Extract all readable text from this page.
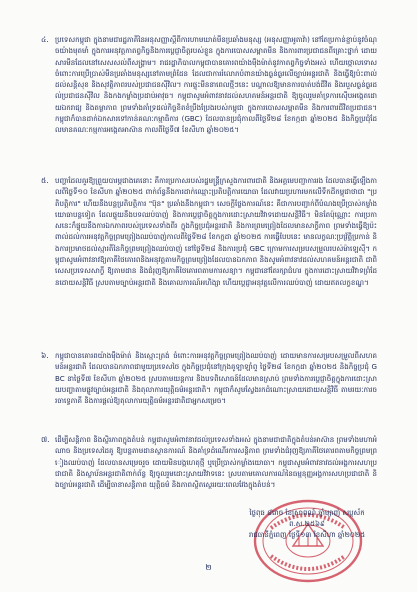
៤. ប្រទេសកម្ពុជា ក្នុងនាមជារដ្ឋភាគីនៃអនុសញ្ញាស្តីពីការហាមឃាត់មីនប្រឆាំងមនុស្ស (អនុសញ្ញាអូតាវ៉ា) នៅតែប្រកាន់ខ្ជាប់នូវចំណុចយ៉ាងមុតមាំ ក្នុងការអនុវត្តកាតព្វកិច្ចនិងការប្តេជ្ញាចិត្តរបស់ខ្លួន ក្នុងការបោសសម្អាតមីន និងការពារប្រជាជនពីគ្រោះថ្នាក់ ដោយសារមីនដែលនៅសេសសល់ពីសង្គ្រាម។ រាជរដ្ឋាភិបាលកម្ពុជាបានគោរពយ៉ាងម៉ឺងម៉ាត់នូវកាតព្វកិច្ចទាំងអស់ ហើយថ្កោលទោសចំពោះការប្រើប្រាស់មីនប្រឆាំងមនុស្សនៅតាមព្រំដែន ដែលជាការរំលោភបំពានយ៉ាងធ្ងន់ធ្ងរលើច្បាប់អន្តរជាតិ និងធ្វើឱ្យប៉ះពាល់ដល់សន្តិសុខ និងសុវត្ថិភាពរបស់ប្រជាជនស៊ីវិល។ ការផ្ទុះមីននាពេលថ្មីៗនេះ បណ្តាលឱ្យមានការបាត់បង់ជីវិត និងរបួសធ្ងន់ធ្ងរដល់ប្រជាជនស៊ីវិល និងកងកម្លាំងប្រដាប់អាវុធ។ កម្ពុជាសូមអំពាវនាវដល់សហគមន៍អន្តរជាតិ ឱ្យចូលរួមគាំទ្រការស៊ើបអង្កេតដោយឯករាជ្យ និងតម្លាភាព ព្រមទាំងគាំទ្រដល់កិច្ចខិតខំប្រឹងប្រែងរបស់កម្ពុជា ក្នុងការបោសសម្អាតមីន និងការពារជីវិតប្រជាជន។ កម្ពុជាក៏បានដាក់ឯកសារទៅកាន់គណៈកម្មាធិការ (GBC) ដែលបានប្រជុំកាលពីថ្ងៃទី២៨ ខែកក្កដា ឆ្នាំ២០២៥ និងកិច្ចប្រជុំដែលមានគណៈកម្មការអង្កេតអាស៊ាន កាលពីថ្ងៃទី៧ ខែសីហា ឆ្នាំ២០២៥។

៥. បញ្ហាដែលគួរឱ្យព្រួយបារម្ភជាងគេនោះ គឺការប្រកាសរបស់រដ្ឋមន្ត្រីក្រសួងការពារជាតិ និងអគ្គមេបញ្ជាការរង ដែលបានធ្វើឡើងកាលពីថ្ងៃទី១០ ខែសីហា ឆ្នាំ២០២៥ ពាក់ព័ន្ធនឹងការដាក់ឈ្មោះប្រតិបត្តិការយោធា ដែលវាយប្រហារមកលើទឹកដីកម្ពុជាថាជា "ប្រតិបត្តិការ" ហើយនឹងបន្តប្រតិបត្តិការ "ប៊ុន" ប្រឆាំងនឹងកម្ពុជា។ សេចក្តីថ្លែងការណ៍នេះ គឺជាការបញ្ជាក់ពីបំណងប្រើប្រាស់កម្លាំងយោធាបន្តទៀត ដែលផ្ទុយនឹងបទឈប់បាញ់ និងការប្តេជ្ញាចិត្តក្នុងការដោះស្រាយវិវាទដោយសន្តិវិធី។ មិនតែប៉ុណ្ណោះ ការប្រកាសនេះក៏ផ្ទុយនឹងការឯកភាពរបស់ប្រទេសទាំងពីរ ក្នុងកិច្ចប្រជុំអន្តរជាតិ និងការព្រមព្រៀងដែលមានសាក្ខីភាព ព្រមទាំងធ្វើឱ្យប៉ះពាល់ដល់ការអនុវត្តកិច្ចព្រមព្រៀងឈប់បាញ់កាលពីថ្ងៃទី២៨ ខែកក្កដា ឆ្នាំ២០២៥ ការធ្វើបែបនេះ មានលក្ខណៈប្រវ្រ័ត្តិប្រកាន់ និងការប្រមាថដល់ស្មារតីនៃកិច្ចព្រមព្រៀងឈប់បាញ់ នៅថ្ងៃទី២៨ និងការប្រជុំ GBC ក្រោមការសម្របសម្រួលរបស់ម៉ាឡេស៊ី។ កម្ពុជាសូមអំពាវនាវឱ្យភាគីថៃគោរពនិងអនុវត្តតាមកិច្ចព្រមព្រៀងដែលបានឯកភាព និងសូមអំពាវនាវដល់សហគមន៍អន្តរជាតិ ជាពិសេសប្រទេសសាក្ខី ឱ្យតាមដាន និងជំរុញឱ្យភាគីថៃគោរពតាមការសន្យា។ កម្ពុជានៅតែរក្សាជំហរ ក្នុងការដោះស្រាយវិវាទព្រំដែនដោយសន្តិវិធី ស្របតាមច្បាប់អន្តរជាតិ និងគោលការណ៍អហិង្សា ហើយប្តេជ្ញាអនុវត្តលើការឈប់បាញ់ ដោយឥតលក្ខខណ្ឌ។

៦. កម្ពុជាបានគោរពយ៉ាងម៉ឺងម៉ាត់ និងស្មោះត្រង់ ចំពោះការអនុវត្តកិច្ចព្រមព្រៀងឈប់បាញ់ ដោយមានការសម្របសម្រួលពីសហគមន៍អន្តរជាតិ ដែលបានឯកភាពជាមួយប្រទេសថៃ ក្នុងកិច្ចប្រជុំនៅក្រុងគូឡាឡាំពួ ថ្ងៃទី២៨ ខែកក្កដា ឆ្នាំ២០២៥ និងកិច្ចប្រជុំ GBC នាថ្ងៃទី៧ ខែសីហា ឆ្នាំ២០២៥ ស្របតាមយន្តការ និងបទពិសោធន៍ដែលមានស្រាប់ ព្រមទាំងការប្តេជ្ញាចិត្តក្នុងការដោះស្រាយបញ្ហាតាមផ្លូវច្បាប់អន្តរជាតិ និងតុលាការយុត្តិធម៌អន្តរជាតិ។ កម្ពុជាក៏សូមស្វែងរកដំណោះស្រាយដោយសន្តិវិធី តាមរយៈការចរចាទ្វេភាគី និងការផ្តល់ឱ្យតុលាការយុត្តិធម៌អន្តរជាតិជាអ្នកសម្រេច។

៧. ដើម្បីសន្តិភាព និងស្ថិរភាពក្នុងតំបន់ កម្ពុជាសូមអំពាវនាវដល់ប្រទេសទាំងអស់ ក្នុងនាមជាជាតិក្នុងតំបន់អាស៊ាន ព្រមទាំងមហាអំណាច និងប្រទេសដៃគូ ឱ្យបន្តតាមដានស្ថានការណ៍ និងគាំទ្រដំណើរការសន្តិភាព ព្រមទាំងជំរុញឱ្យភាគីថៃគោរពតាមកិច្ចព្រមព្រៀងឈប់បាញ់ ដែលបានសម្រេចរួច ដោយមិនបង្កហេតុថ្មី ឬប្រើប្រាស់កម្លាំងយោធា។ កម្ពុជាសូមអំពាវនាវដល់អង្គការសហប្រជាជាតិ និងស្ថាប័នអន្តរជាតិពាក់ព័ន្ធ ឱ្យចូលរួមដោះស្រាយវិវាទនេះ ស្របតាមគោលការណ៍នៃធម្មនុញ្ញអង្គការសហប្រជាជាតិ និងច្បាប់អន្តរជាតិ ដើម្បីធានាសន្តិភាព យុត្តិធម៌ និងភាពស្ថិតស្ថេររយៈពេលវែងក្នុងតំបន់។

ថ្ងៃពុធ ៨រោច ខែស្រាពណ៍ ឆ្នាំម្សាញ់ សប្តស័ក ព.ស.២៥៦៩
រាជធានីភ្នំពេញ ថ្ងៃទី១៣ ខែសីហា ឆ្នាំ២០២៥
២
